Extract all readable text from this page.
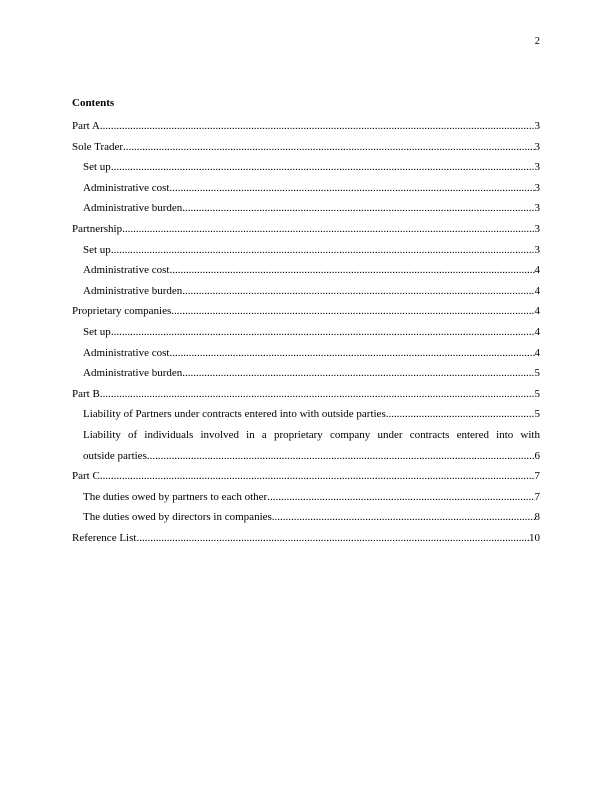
2
Contents
Part A .....	3
Sole Trader .....	3
Set up .....	3
Administrative cost .....	3
Administrative burden .....	3
Partnership .....	3
Set up .....	3
Administrative cost .....	4
Administrative burden .....	4
Proprietary companies .....	4
Set up .....	4
Administrative cost .....	4
Administrative burden .....	5
Part B .....	5
Liability of Partners under contracts entered into with outside parties .....	5
Liability of individuals involved in a proprietary company under contracts entered into with
outside parties .....	6
Part C .....	7
The duties owed by partners to each other .....	7
The duties owed by directors in companies .....	8
Reference List .....	10
